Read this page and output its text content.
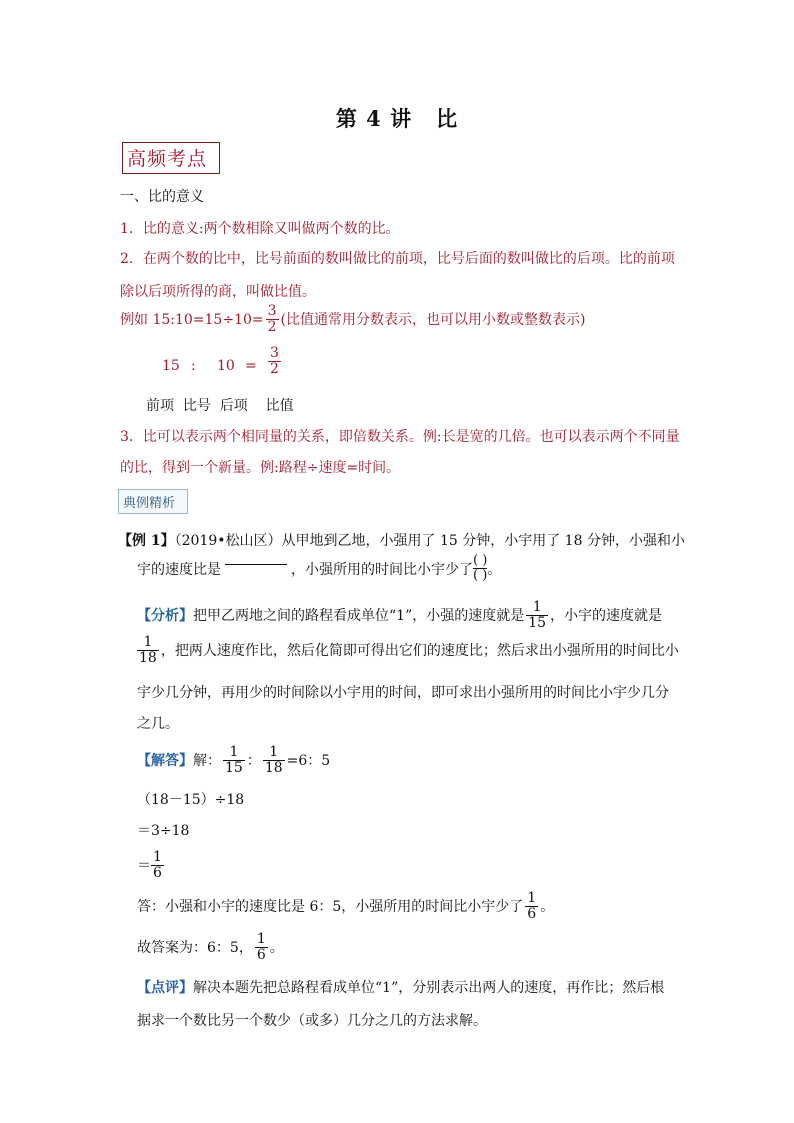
第 4 讲 比
高频考点
一、比的意义
1．比的意义:两个数相除又叫做两个数的比。
2．在两个数的比中，比号前面的数叫做比的前项，比号后面的数叫做比的后项。比的前项
除以后项所得的商，叫做比值。
例如 15:10=15÷10= $\frac{3}{2}$ (比值通常用分数表示，也可以用小数或整数表示)
15 : $10 = \frac{3}{2}$
前项  比号  后项    比值
3．比可以表示两个相同量的关系，即倍数关系。例:长是宽的几倍。也可以表示两个不同量
的比，得到一个新量。例:路程÷速度=时间。
典例精析
【例 1】（2019•松山区）从甲地到乙地，小强用了 15 分钟，小宇用了 18 分钟，小强和小
宇的速度比是	，小强所用的时间比小宇少了
( )
( ) 。
【分析】 把甲乙两地之间的路程看成单位“1”，小强的速度就是 $\frac{1}{15}$ ，小宇的速度就是
$\frac{1}{18}$ ，把两人速度作比，然后化简即可得出它们的速度比；然后求出小强所用的时间比小
宇少几分钟，再用少的时间除以小宇用的时间，即可求出小强所用的时间比小宇少几分
之几。
【解答】 解： $\frac{1}{15}$ ： $\frac{1}{18} =6$：5
（18－15）÷18
＝3÷18
＝ $\frac{1}{6}$
答：小强和小宇的速度比是 6：5，小强所用的时间比小宇少了 $\frac{1}{6}$ 。
故答案为：6：5， $\frac{1}{6}$ 。
【点评】解决本题先把总路程看成单位“1”，分别表示出两人的速度，再作比；然后根
据求一个数比另一个数少（或多）几分之几的方法求解。
